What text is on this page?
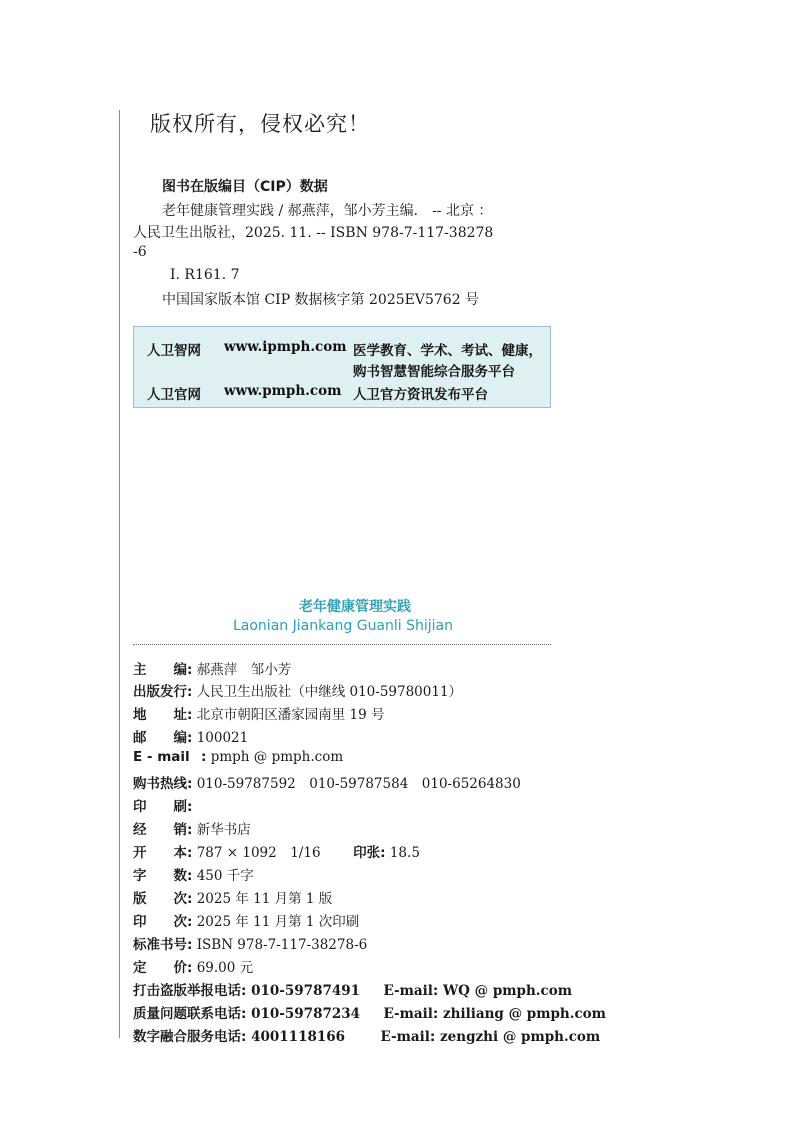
版权所有，侵权必究！
图书在版编目（CIP）数据
老年健康管理实践 / 郝燕萍，邹小芳主编． -- 北京 ：
人民卫生出版社，2025. 11. -- ISBN 978-7-117-38278
-6
Ⅰ. R161. 7
中国国家版本馆 CIP 数据核字第 2025EV5762 号
人卫智网 www.ipmph.com 医学教育、学术、考试、健康，
购书智慧智能综合服务平台
人卫官网 www.pmph.com 人卫官方资讯发布平台
老年健康管理实践
Laonian Jiankang Guanli Shijian
主　　编: 郝燕萍　邹小芳
出版发行: 人民卫生出版社（中继线 010-59780011）
地　　址: 北京市朝阳区潘家园南里 19 号
邮　　编: 100021
E - mail : pmph @ pmph.com
购书热线: 010-59787592　010-59787584　010-65264830
印　　刷:
经　　销: 新华书店
开　　本: 787 × 1092　1/16 印张: 18.5
字　　数: 450 千字
版　　次: 2025 年 11 月第 1 版
印　　次: 2025 年 11 月第 1 次印刷
标准书号: ISBN 978-7-117-38278-6
定　　价: 69.00 元
打击盗版举报电话: 010-59787491 E-mail: WQ @ pmph.com
质量问题联系电话: 010-59787234 E-mail: zhiliang @ pmph.com
数字融合服务电话: 4001118166	E-mail: zengzhi @ pmph.com
